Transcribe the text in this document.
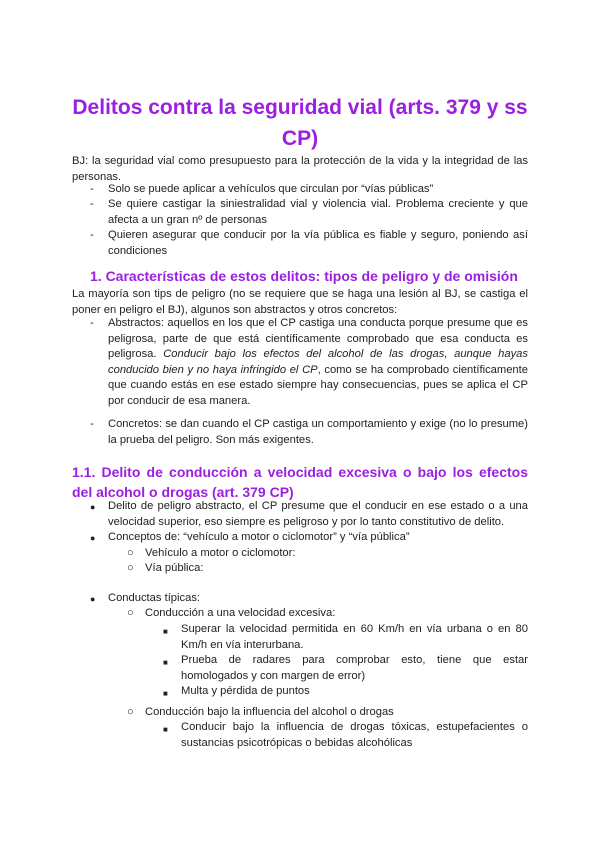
Delitos contra la seguridad vial (arts. 379 y ss CP)

BJ: la seguridad vial como presupuesto para la protección de la vida y la integridad de las personas.

- Solo se puede aplicar a vehículos que circulan por “vías públicas”

- Se quiere castigar la siniestralidad vial y violencia vial. Problema creciente y que afecta a un gran nº de personas

- Quieren asegurar que conducir por la vía pública es fiable y seguro, poniendo así condiciones

1. Características de estos delitos: tipos de peligro y de omisión

La mayoría son tips de peligro (no se requiere que se haga una lesión al BJ, se castiga el poner en peligro el BJ), algunos son abstractos y otros concretos:

- Abstractos: aquellos en los que el CP castiga una conducta porque presume que es peligrosa, parte de que está científicamente comprobado que esa conducta es peligrosa. Conducir bajo los efectos del alcohol de las drogas, aunque hayas conducido bien y no haya infringido el CP, como se ha comprobado científicamente que cuando estás en ese estado siempre hay consecuencias, pues se aplica el CP por conducir de esa manera.

- Concretos: se dan cuando el CP castiga un comportamiento y exige (no lo presume) la prueba del peligro. Son más exigentes.

1.1. Delito de conducción a velocidad excesiva o bajo los efectos del alcohol o drogas (art. 379 CP)
● Delito de peligro abstracto, el CP presume que el conducir en ese estado o a una velocidad superior, eso siempre es peligroso y por lo tanto constitutivo de delito.

● Conceptos de: “vehículo a motor o ciclomotor” y “vía pública”

○ Vehículo a motor o ciclomotor:

○ Vía pública:

● Conductas típicas:

○ Conducción a una velocidad excesiva:

■ Superar la velocidad permitida en 60 Km/h en vía urbana o en 80 Km/h en vía interurbana.

■ Prueba de radares para comprobar esto, tiene que estar homologados y con margen de error)

■ Multa y pérdida de puntos

○ Conducción bajo la influencia del alcohol o drogas

■ Conducir bajo la influencia de drogas tóxicas, estupefacientes o sustancias psicotrópicas o bebidas alcohólicas
